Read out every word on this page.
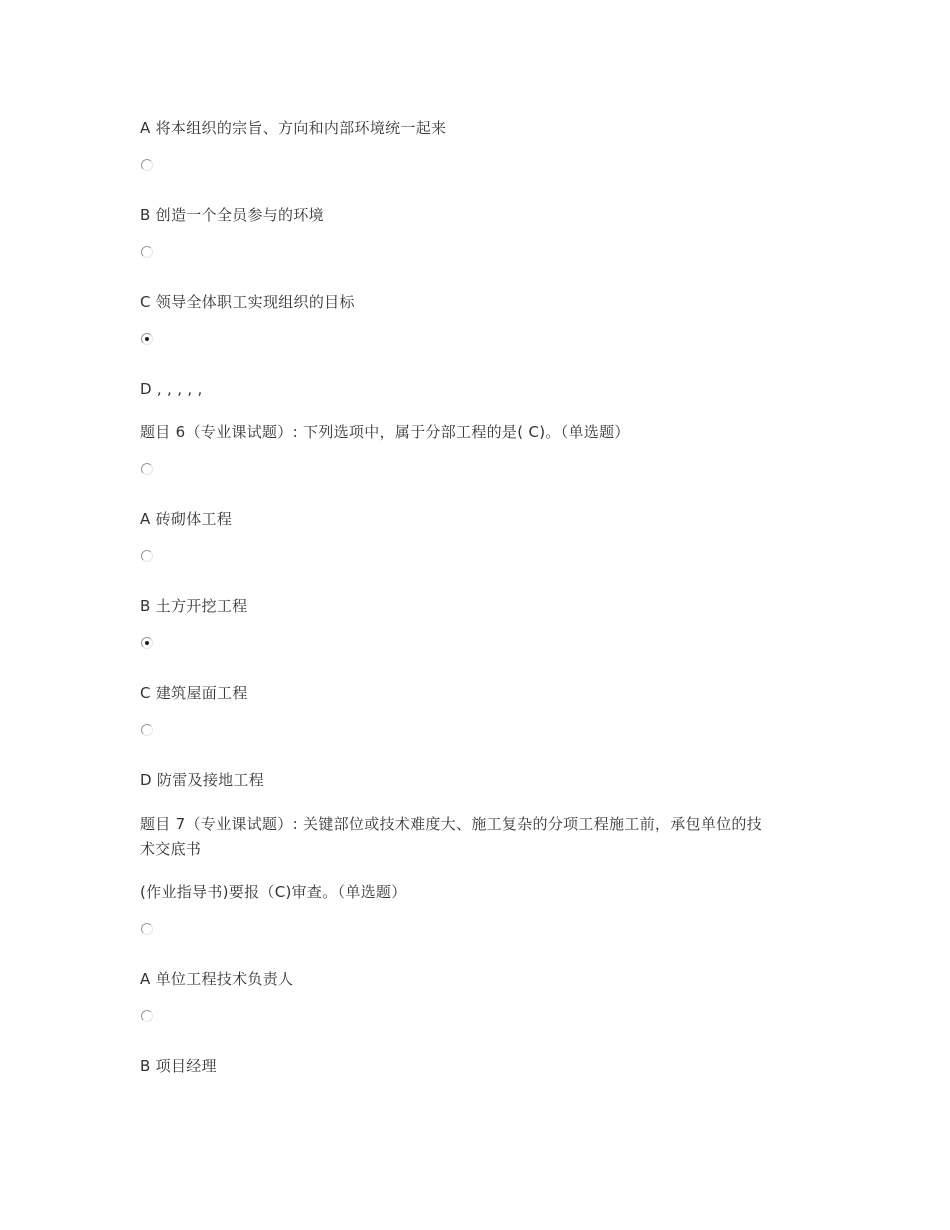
A 将本组织的宗旨、方向和内部环境统一起来
B 创造一个全员参与的环境
C 领导全体职工实现组织的目标
D , , , , ,
题目 6（专业课试题）: 下列选项中，属于分部工程的是( C)。（单选题）
A 砖砌体工程
B 土方开挖工程
C 建筑屋面工程
D 防雷及接地工程
题目 7（专业课试题）: 关键部位或技术难度大、施工复杂的分项工程施工前，承包单位的技
术交底书
(作业指导书)要报（C)审查。（单选题）
A 单位工程技术负责人
B 项目经理
